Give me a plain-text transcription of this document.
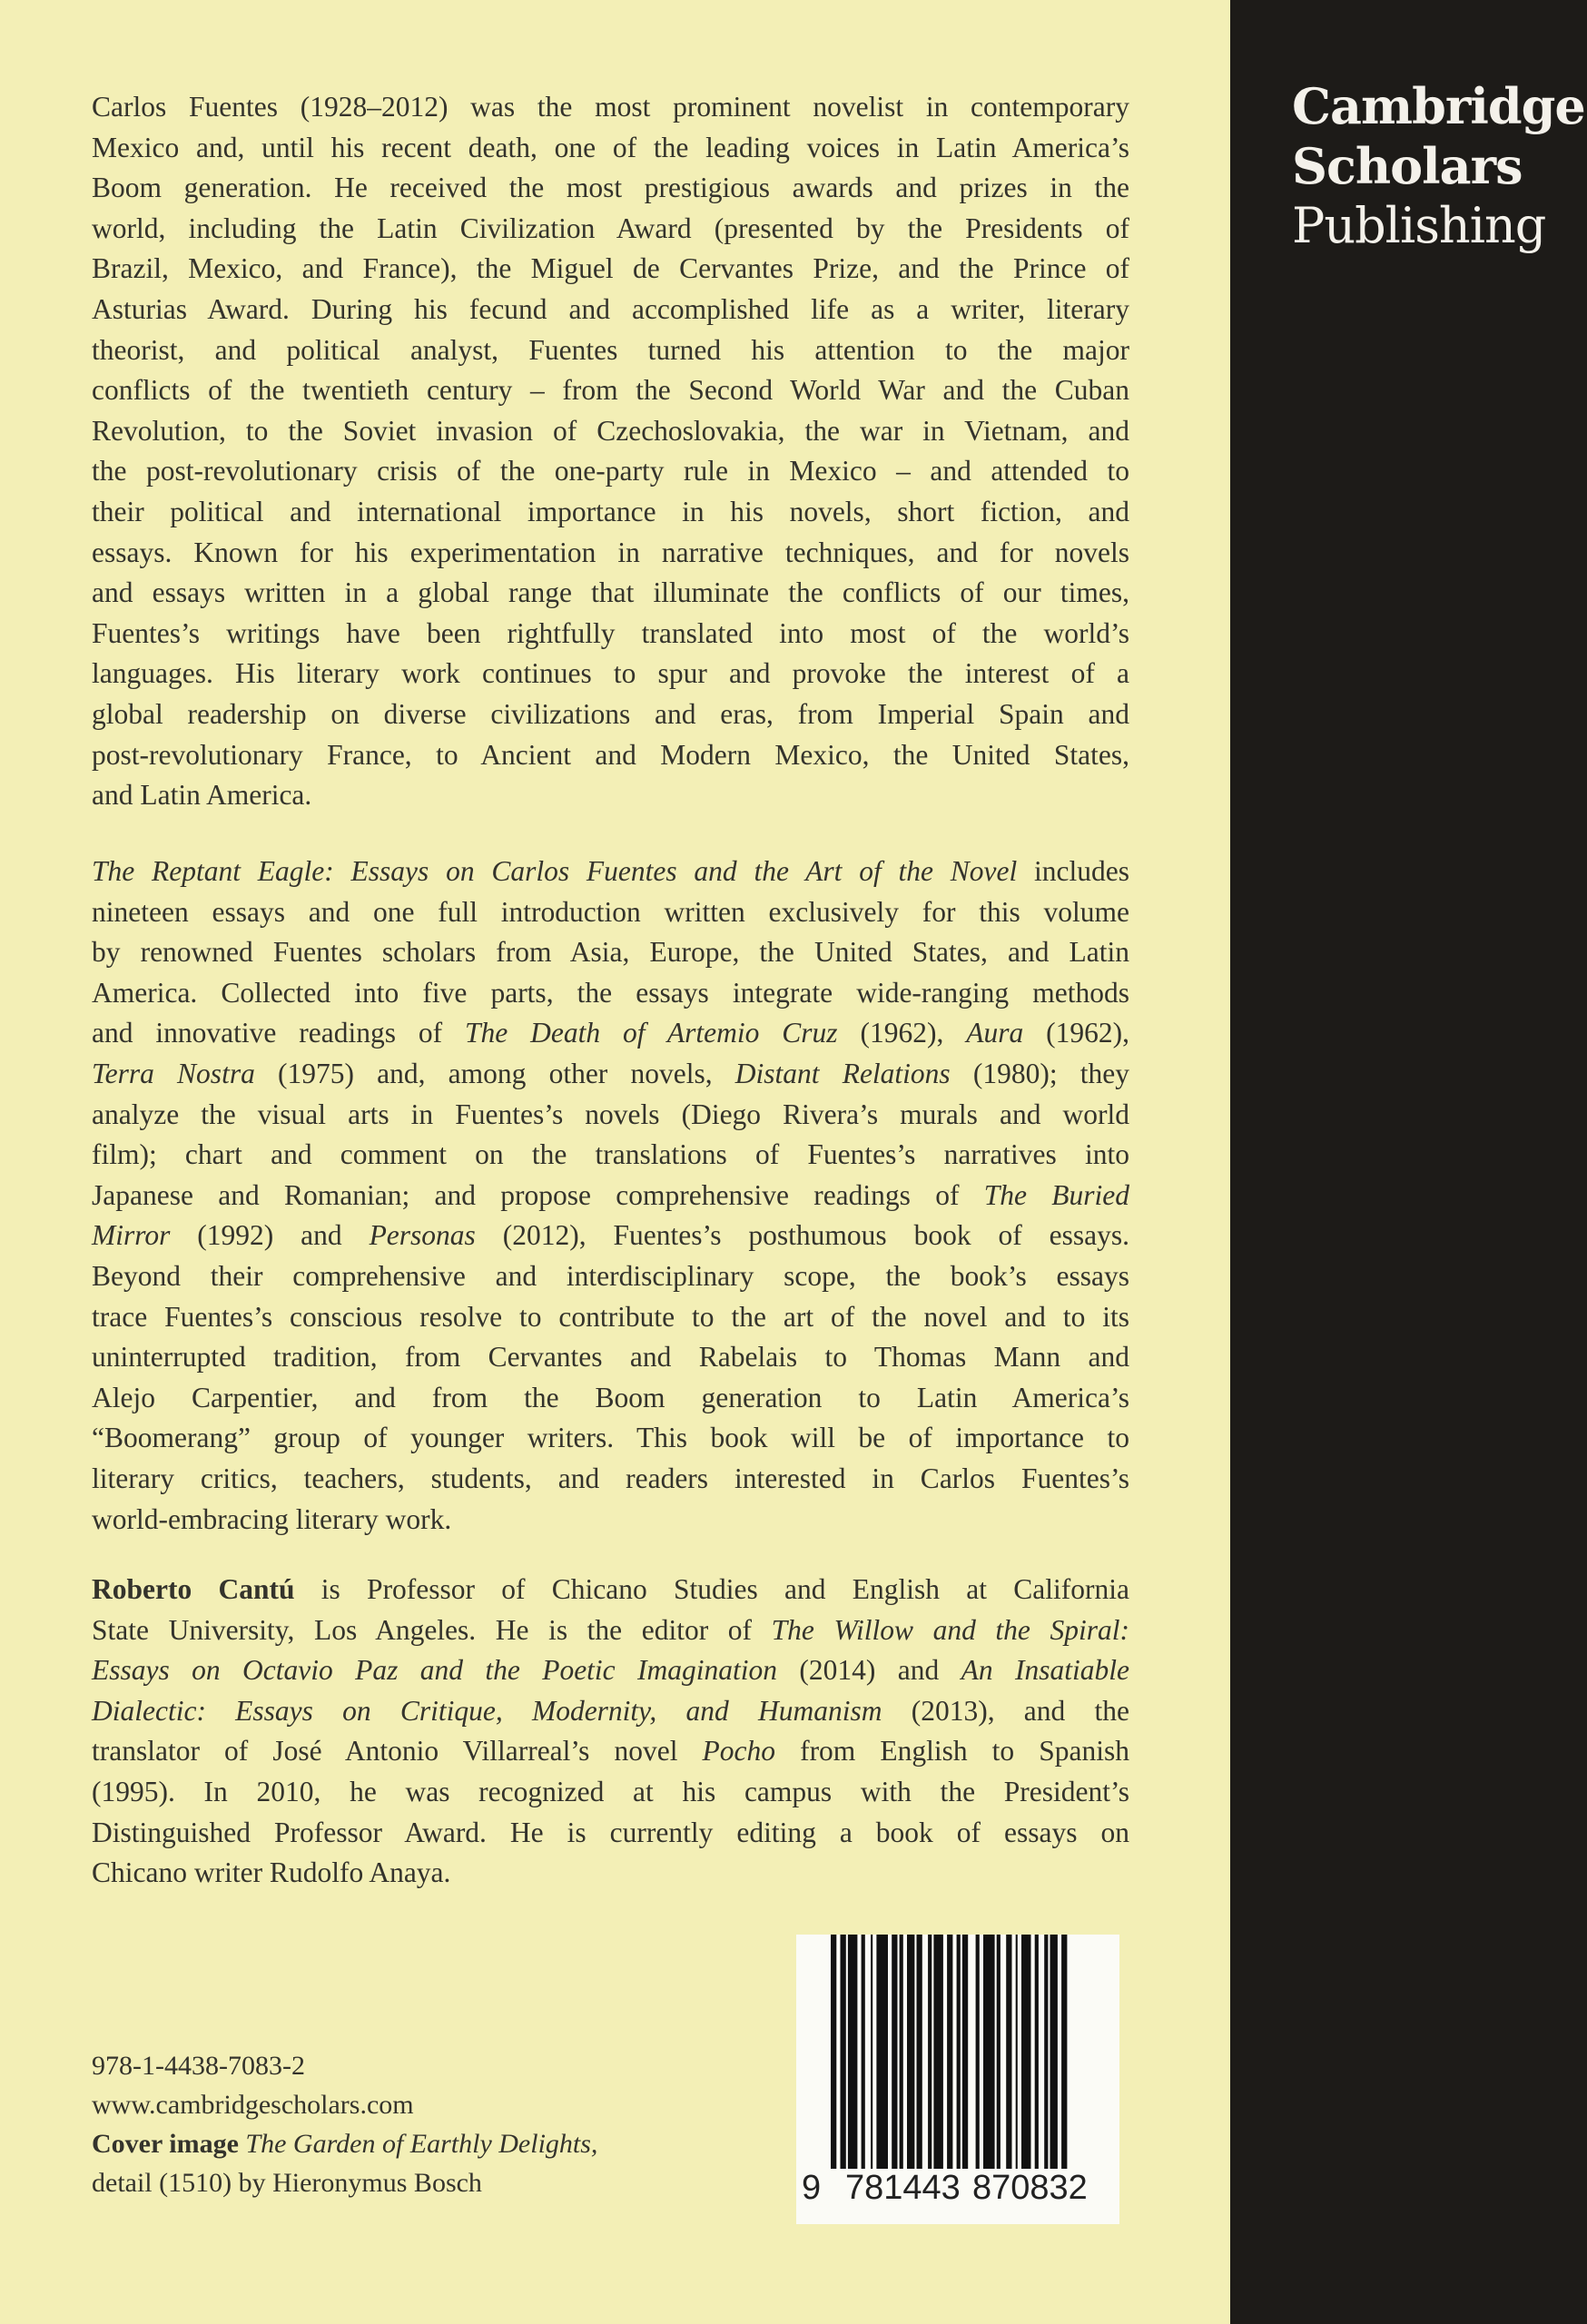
Cambridge
Scholars
Publishing
Carlos Fuentes (1928–2012) was the most prominent novelist in contemporary
Mexico and, until his recent death, one of the leading voices in Latin America’s
Boom generation. He received the most prestigious awards and prizes in the
world, including the Latin Civilization Award (presented by the Presidents of
Brazil, Mexico, and France), the Miguel de Cervantes Prize, and the Prince of
Asturias Award. During his fecund and accomplished life as a writer, literary
theorist, and political analyst, Fuentes turned his attention to the major
conflicts of the twentieth century – from the Second World War and the Cuban
Revolution, to the Soviet invasion of Czechoslovakia, the war in Vietnam, and
the post-revolutionary crisis of the one-party rule in Mexico – and attended to
their political and international importance in his novels, short fiction, and
essays. Known for his experimentation in narrative techniques, and for novels
and essays written in a global range that illuminate the conflicts of our times,
Fuentes’s writings have been rightfully translated into most of the world’s
languages. His literary work continues to spur and provoke the interest of a
global readership on diverse civilizations and eras, from Imperial Spain and
post-revolutionary France, to Ancient and Modern Mexico, the United States,
and Latin America.
The Reptant Eagle: Essays on Carlos Fuentes and the Art of the Novel includes
nineteen essays and one full introduction written exclusively for this volume
by renowned Fuentes scholars from Asia, Europe, the United States, and Latin
America. Collected into five parts, the essays integrate wide-ranging methods
and innovative readings of The Death of Artemio Cruz (1962), Aura (1962),
Terra Nostra (1975) and, among other novels, Distant Relations (1980); they
analyze the visual arts in Fuentes’s novels (Diego Rivera’s murals and world
film); chart and comment on the translations of Fuentes’s narratives into
Japanese and Romanian; and propose comprehensive readings of The Buried
Mirror (1992) and Personas (2012), Fuentes’s posthumous book of essays.
Beyond their comprehensive and interdisciplinary scope, the book’s essays
trace Fuentes’s conscious resolve to contribute to the art of the novel and to its
uninterrupted tradition, from Cervantes and Rabelais to Thomas Mann and
Alejo Carpentier, and from the Boom generation to Latin America’s
“Boomerang” group of younger writers. This book will be of importance to
literary critics, teachers, students, and readers interested in Carlos Fuentes’s
world-embracing literary work.
Roberto Cantú is Professor of Chicano Studies and English at California
State University, Los Angeles. He is the editor of The Willow and the Spiral:
Essays on Octavio Paz and the Poetic Imagination (2014) and An Insatiable
Dialectic: Essays on Critique, Modernity, and Humanism (2013), and the
translator of José Antonio Villarreal’s novel Pocho from English to Spanish
(1995). In 2010, he was recognized at his campus with the President’s
Distinguished Professor Award. He is currently editing a book of essays on
Chicano writer Rudolfo Anaya.
978-1-4438-7083-2
www.cambridgescholars.com
Cover image The Garden of Earthly Delights,
detail (1510) by Hieronymus Bosch	9 781443 870832
